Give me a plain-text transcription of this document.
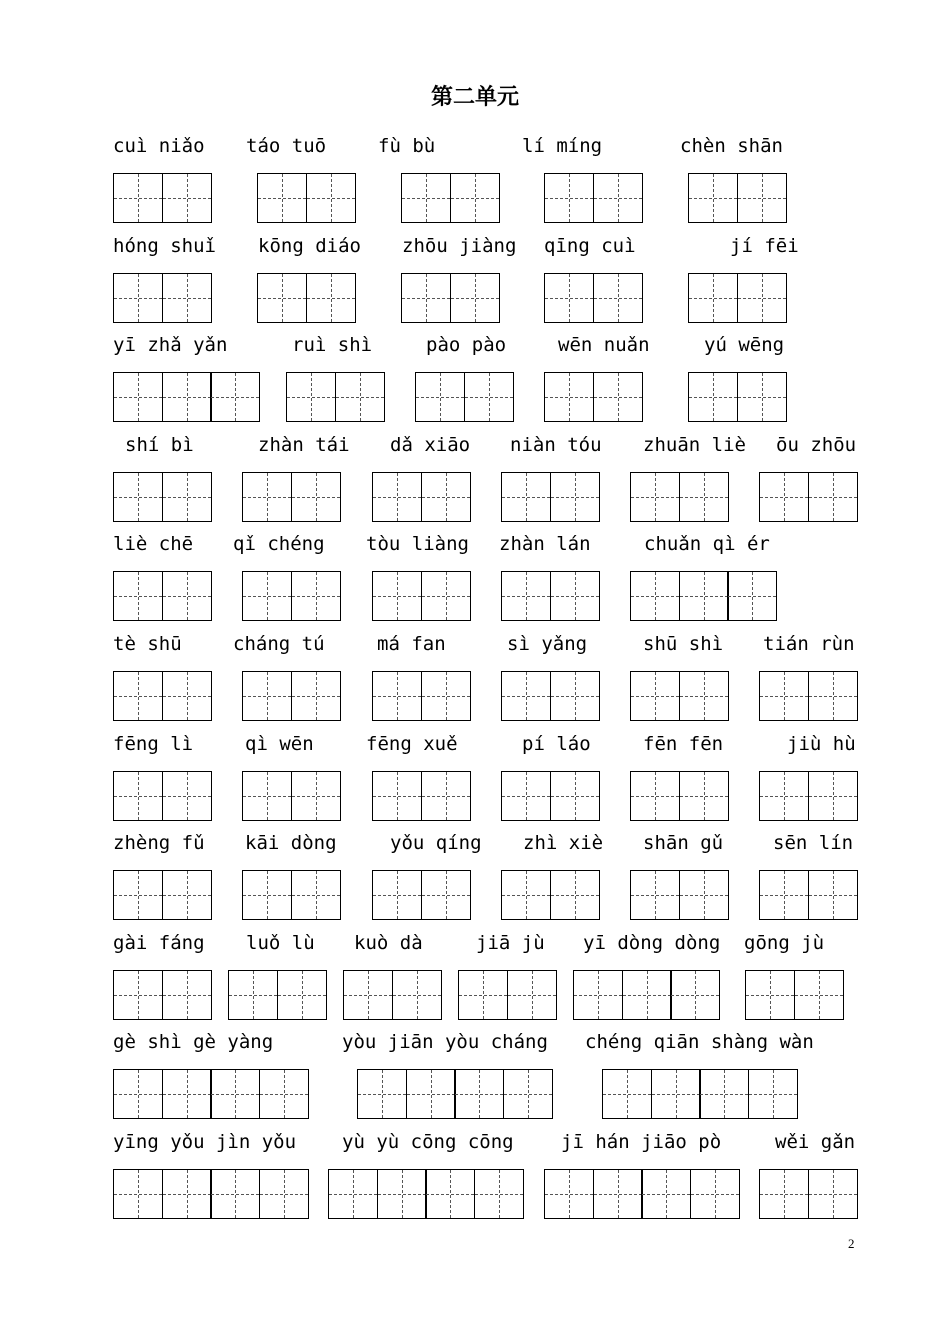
第二单元
cuì niǎo táo tuō	fù bù	lí míng	chèn shān
hóng shuǐ kōng diáo zhōu jiàng qīng cuì	jí fēi
yī zhǎ yǎn	ruì shì	pào pào	wēn nuǎn	yú wēng
shí bì	zhàn tái dǎ xiāo niàn tóu zhuān liè ōu zhōu
liè chē qǐ chéng tòu liàng zhàn lán	chuǎn qì ér
tè shū	cháng tú	má fan	sì yǎng	shū shì tián rùn
fēng lì	qì wēn	fēng xuě	pí láo	fēn fēn	jiù hù
zhèng fǔ kāi dòng	yǒu qíng zhì xiè shān gǔ	sēn lín
gài fáng luǒ lù kuò dà	jiā jù yī dòng dòng gōng jù
gè shì gè yàng	yòu jiān yòu cháng chéng qiān shàng wàn
yīng yǒu jìn yǒu yù yù cōng cōng jī hán jiāo pò	wěi gǎn
2
